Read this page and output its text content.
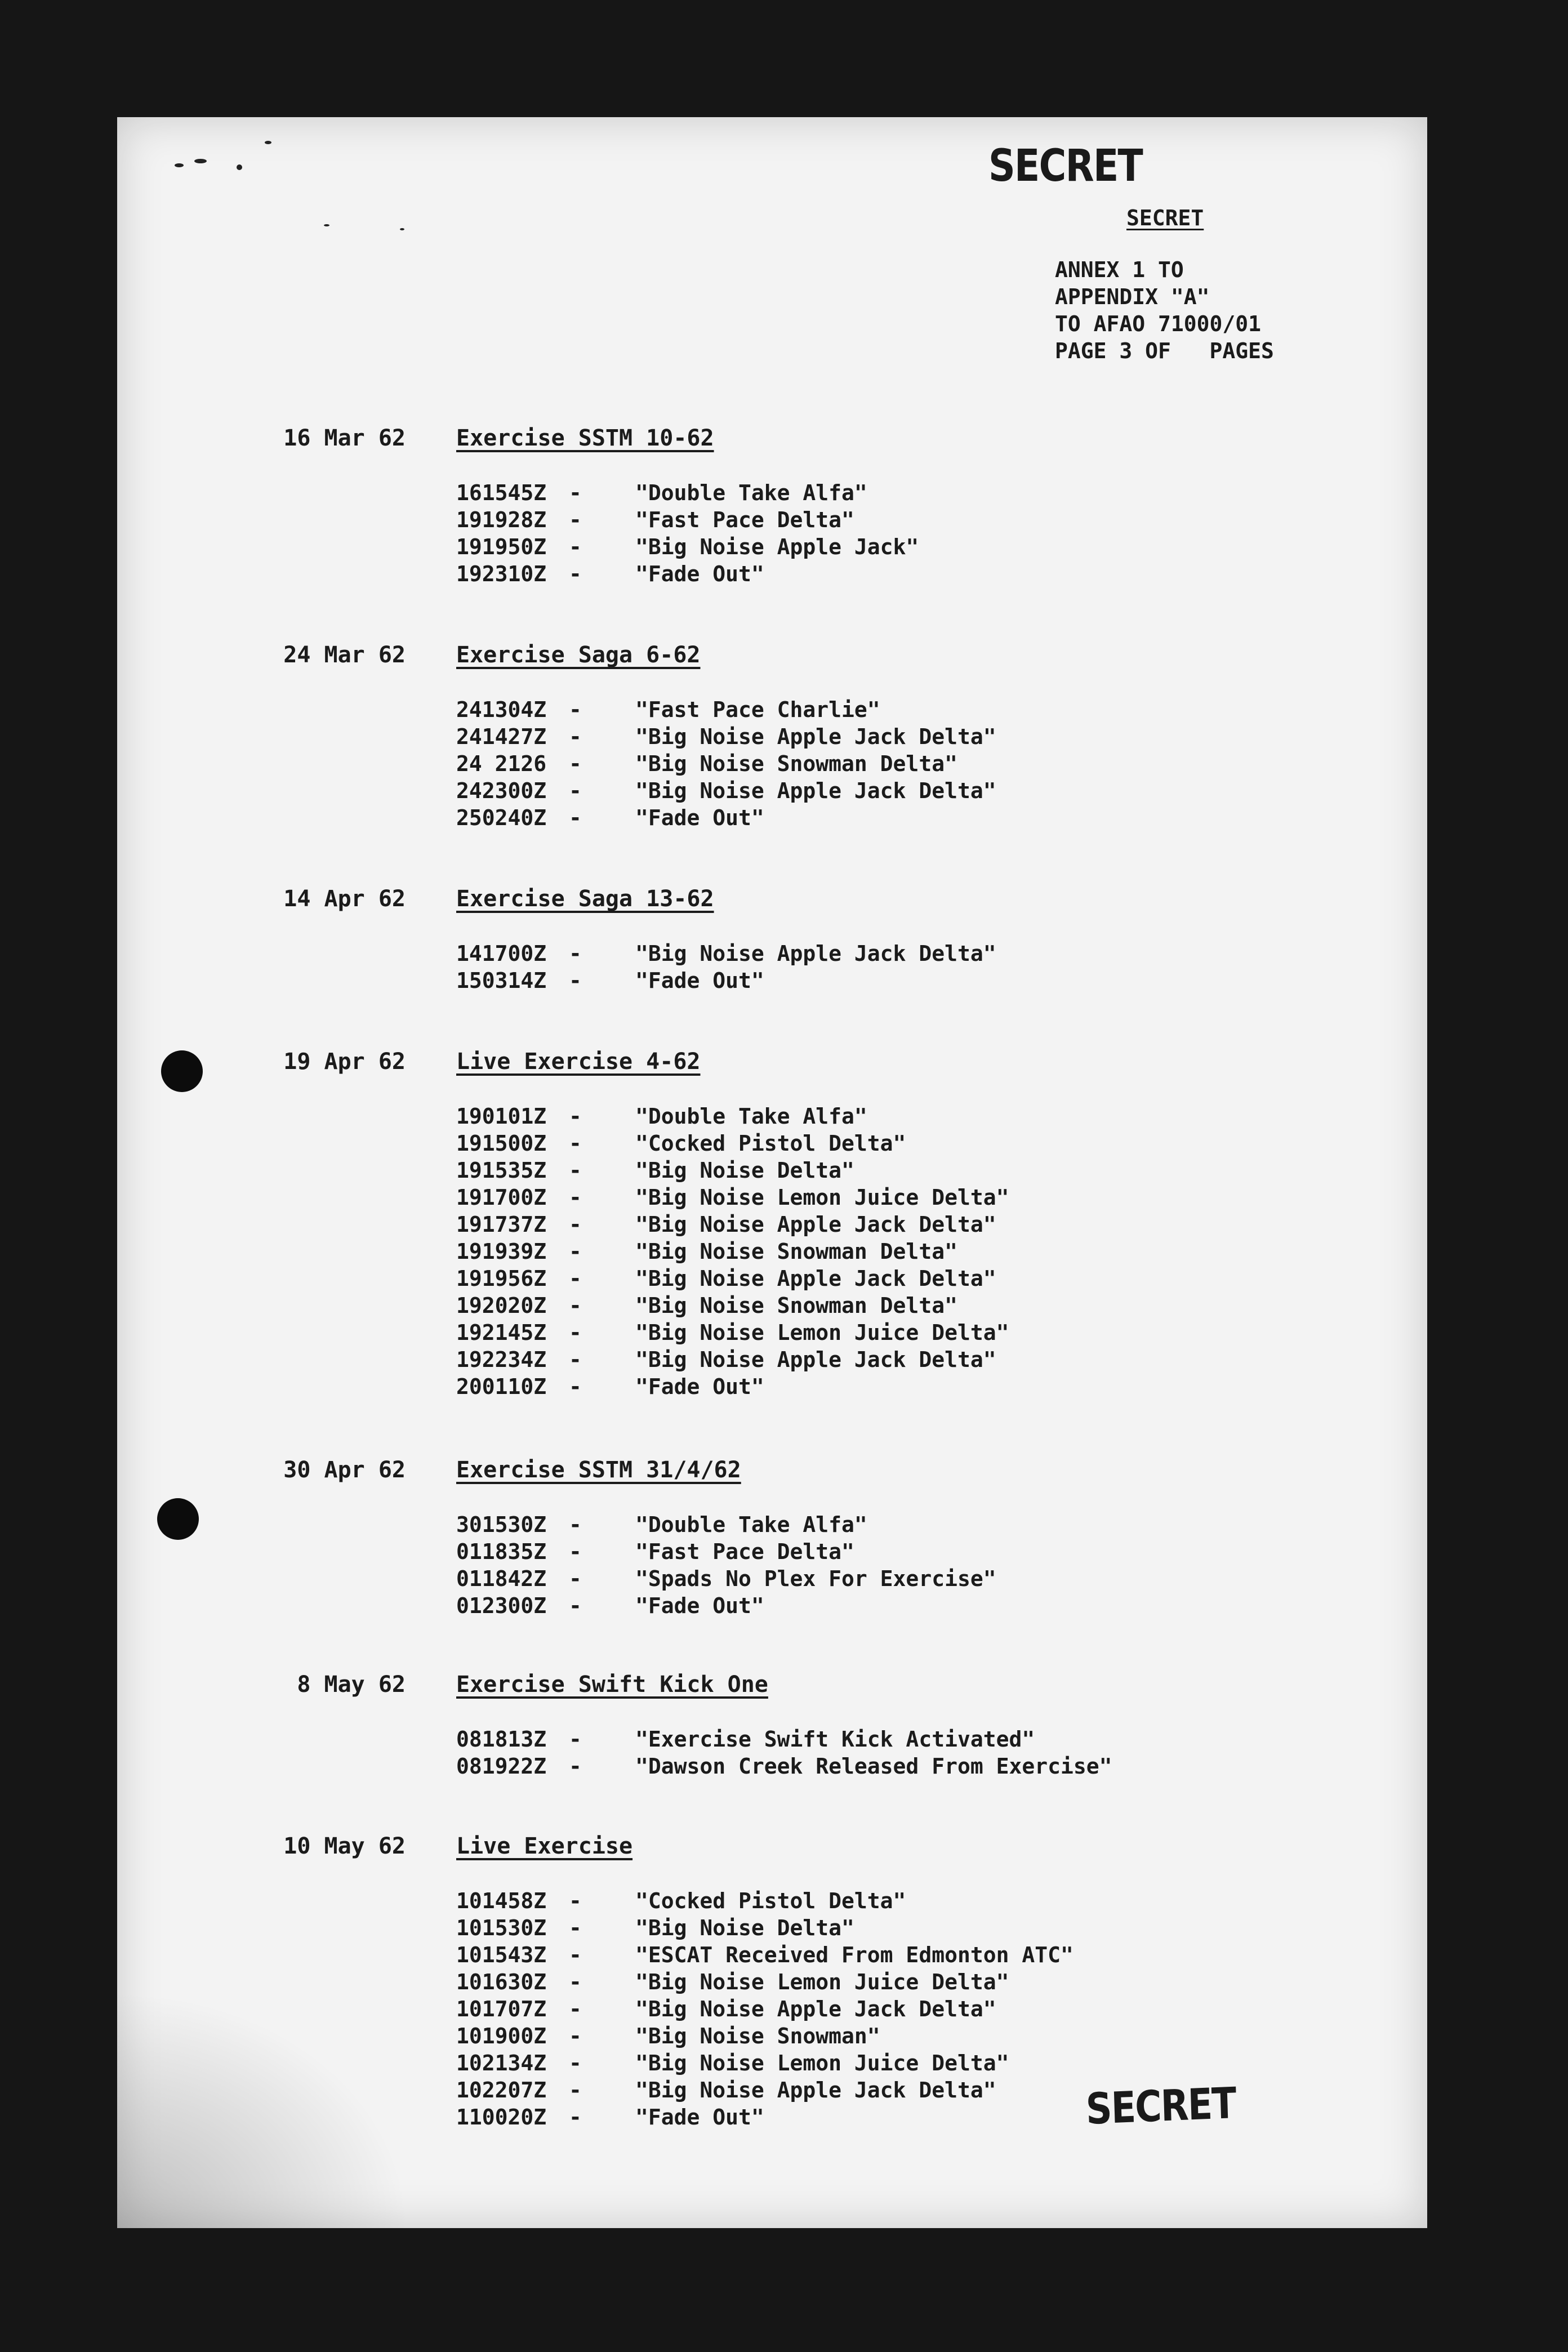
SECRET
SECRET
ANNEX 1 TO
APPENDIX "A"
TO AFAO 71000/01
PAGE 3 OF   PAGES
16 Mar 62 Exercise SSTM 10-62
161545Z -	"Double Take Alfa"
191928Z -	"Fast Pace Delta"
191950Z -	"Big Noise Apple Jack"
192310Z -	"Fade Out"
24 Mar 62 Exercise Saga 6-62
241304Z -	"Fast Pace Charlie"
241427Z -	"Big Noise Apple Jack Delta"
24 2126 -	"Big Noise Snowman Delta"
242300Z -	"Big Noise Apple Jack Delta"
250240Z -	"Fade Out"
14 Apr 62 Exercise Saga 13-62
141700Z -	"Big Noise Apple Jack Delta"
150314Z -	"Fade Out"
19 Apr 62 Live Exercise 4-62
190101Z -	"Double Take Alfa"
191500Z -	"Cocked Pistol Delta"
191535Z -	"Big Noise Delta"
191700Z -	"Big Noise Lemon Juice Delta"
191737Z -	"Big Noise Apple Jack Delta"
191939Z -	"Big Noise Snowman Delta"
191956Z -	"Big Noise Apple Jack Delta"
192020Z -	"Big Noise Snowman Delta"
192145Z -	"Big Noise Lemon Juice Delta"
192234Z -	"Big Noise Apple Jack Delta"
200110Z -	"Fade Out"
30 Apr 62 Exercise SSTM 31/4/62
301530Z -	"Double Take Alfa"
011835Z -	"Fast Pace Delta"
011842Z -	"Spads No Plex For Exercise"
012300Z -	"Fade Out"
8 May 62 Exercise Swift Kick One
081813Z -	"Exercise Swift Kick Activated"
081922Z -	"Dawson Creek Released From Exercise"
10 May 62 Live Exercise
101458Z -	"Cocked Pistol Delta"
101530Z -	"Big Noise Delta"
101543Z -	"ESCAT Received From Edmonton ATC"
101630Z -	"Big Noise Lemon Juice Delta"
101707Z -	"Big Noise Apple Jack Delta"
101900Z -	"Big Noise Snowman"
102134Z -	"Big Noise Lemon Juice Delta"
102207Z -	"Big Noise Apple Jack Delta"
110020Z -	"Fade Out"	SECRET
